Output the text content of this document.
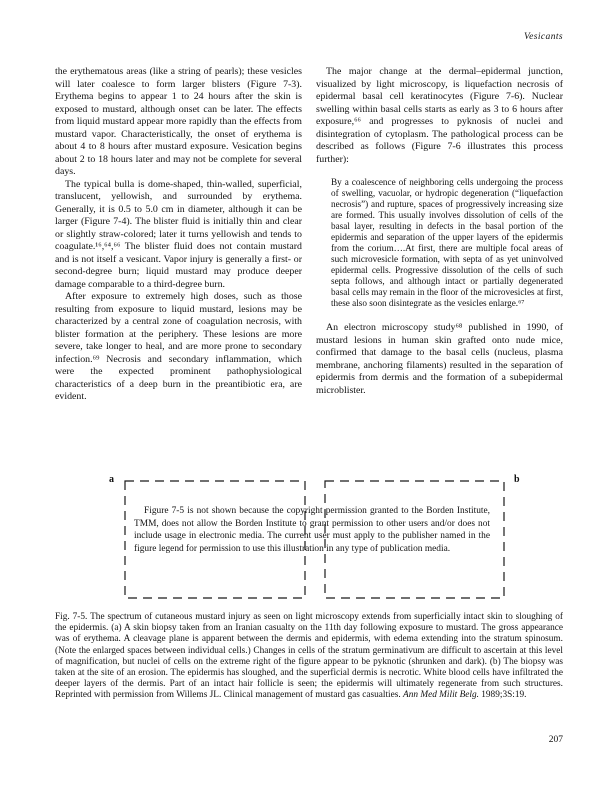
Vesicants

the erythematous areas (like a string of pearls); these vesicles will later coalesce to form larger blisters (Figure 7-3). Erythema begins to appear 1 to 24 hours after the skin is exposed to mustard, although onset can be later. The effects from liquid mustard appear more rapidly than the effects from mustard vapor. Characteristically, the onset of erythema is about 4 to 8 hours after mustard exposure. Vesication begins about 2 to 18 hours later and may not be complete for several days.

The typical bulla is dome-shaped, thin-walled, superficial, translucent, yellowish, and surrounded by erythema. Generally, it is 0.5 to 5.0 cm in diameter, although it can be larger (Figure 7-4). The blister fluid is initially thin and clear or slightly straw-colored; later it turns yellowish and tends to coagulate.¹⁶,⁶⁴,⁶⁶ The blister fluid does not contain mustard and is not itself a vesicant. Vapor injury is generally a first- or second-degree burn; liquid mustard may produce deeper damage comparable to a third-degree burn.

After exposure to extremely high doses, such as those resulting from exposure to liquid mustard, lesions may be characterized by a central zone of coagulation necrosis, with blister formation at the periphery. These lesions are more severe, take longer to heal, and are more prone to secondary infection.⁶⁹ Necrosis and secondary inflammation, which were the expected prominent pathophysiological characteristics of a deep burn in the preantibiotic era, are evident.

The major change at the dermal–epidermal junction, visualized by light microscopy, is liquefaction necrosis of epidermal basal cell keratinocytes (Figure 7-6). Nuclear swelling within basal cells starts as early as 3 to 6 hours after exposure,⁶⁶ and progresses to pyknosis of nuclei and disintegration of cytoplasm. The pathological process can be described as follows (Figure 7-6 illustrates this process further):

By a coalescence of neighboring cells undergoing the process of swelling, vacuolar, or hydropic degeneration (“liquefaction necrosis”) and rupture, spaces of progressively increasing size are formed. This usually involves dissolution of cells of the basal layer, resulting in defects in the basal portion of the epidermis and separation of the upper layers of the epidermis from the corium….At first, there are multiple focal areas of such microvesicle formation, with septa of as yet uninvolved epidermal cells. Progressive dissolution of the cells of such septa follows, and although intact or partially degenerated basal cells may remain in the floor of the microvesicles at first, these also soon disintegrate as the vesicles enlarge.⁶⁷

An electron microscopy study⁶⁸ published in 1990, of mustard lesions in human skin grafted onto nude mice, confirmed that damage to the basal cells (nucleus, plasma membrane, anchoring filaments) resulted in the separation of epidermis from dermis and the formation of a subepidermal microblister.

a	b
Figure 7-5 is not shown because the copyright permission granted to the Borden Institute, TMM, does not allow the Borden Institute to grant permission to other users and/or does not include usage in electronic media. The current user must apply to the publisher named in the figure legend for permission to use this illustration in any type of publication media.
Fig. 7-5. The spectrum of cutaneous mustard injury as seen on light microscopy extends from superficially intact skin to sloughing of the epidermis. (a) A skin biopsy taken from an Iranian casualty on the 11th day following exposure to mustard. The gross appearance was of erythema. A cleavage plane is apparent between the dermis and epidermis, with edema extending into the stratum spinosum. (Note the enlarged spaces between individual cells.) Changes in cells of the stratum germinativum are difficult to ascertain at this level of magnification, but nuclei of cells on the extreme right of the figure appear to be pyknotic (shrunken and dark). (b) The biopsy was taken at the site of an erosion. The epidermis has sloughed, and the superficial dermis is necrotic. White blood cells have infiltrated the deeper layers of the dermis. Part of an intact hair follicle is seen; the epidermis will ultimately regenerate from such structures. Reprinted with permission from Willems JL. Clinical management of mustard gas casualties. Ann Med Milit Belg. 1989;3S:19.
207
